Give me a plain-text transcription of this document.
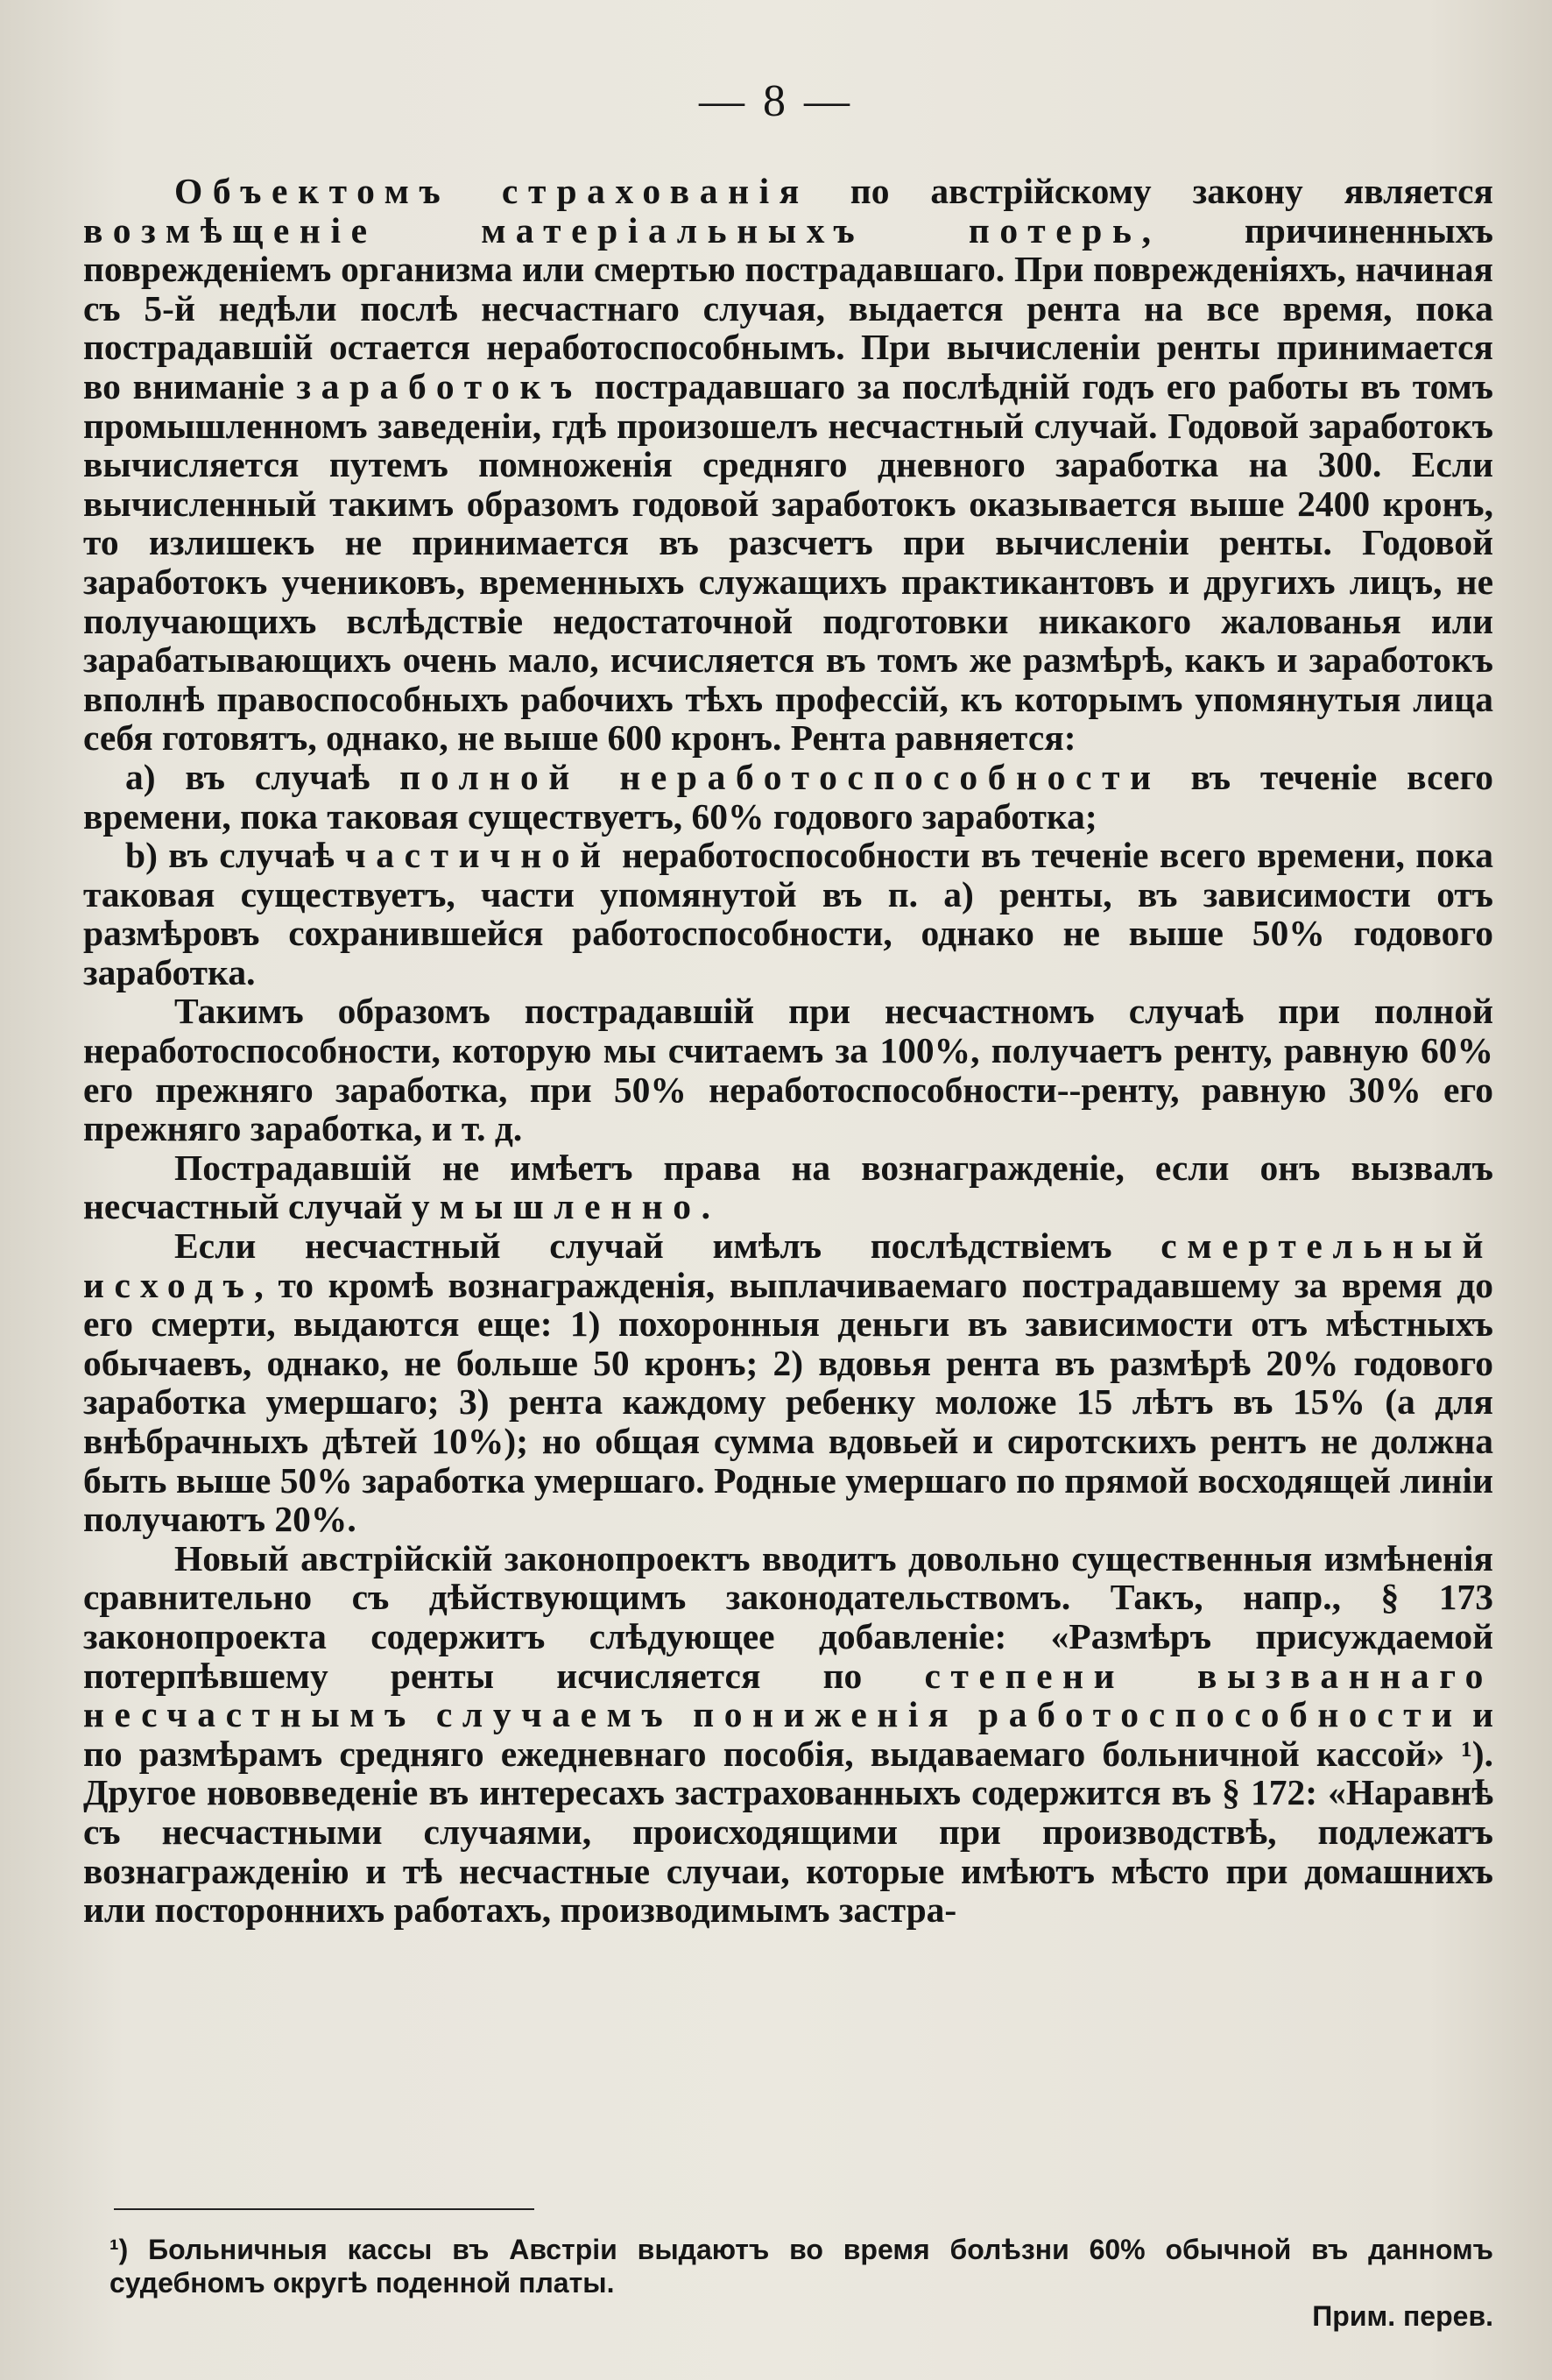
— 8 —

Объектомъ страхованія по австрійскому закону является возмѣщеніе матеріальныхъ потерь, причиненныхъ поврежденіемъ организма или смертью пострадавшаго. При поврежденіяхъ, начиная съ 5-й недѣли послѣ несчастнаго случая, выдается рента на все время, пока пострадавшій остается неработоспособнымъ. При вычисленіи ренты принимается во вниманіе заработокъ пострадавшаго за послѣдній годъ его работы въ томъ промышленномъ заведеніи, гдѣ произошелъ несчастный случай. Годовой заработокъ вычисляется путемъ помноженія средняго дневного заработка на 300. Если вычисленный такимъ образомъ годовой заработокъ оказывается выше 2400 кронъ, то излишекъ не принимается въ разсчетъ при вычисленіи ренты. Годовой заработокъ учениковъ, временныхъ служащихъ практикантовъ и другихъ лицъ, не получающихъ вслѣдствіе недостаточной подготовки никакого жалованья или зарабатывающихъ очень мало, исчисляется въ томъ же размѣрѣ, какъ и заработокъ вполнѣ правоспособныхъ рабочихъ тѣхъ профессій, къ которымъ упомянутыя лица себя готовятъ, однако, не выше 600 кронъ. Рента равняется:

а) въ случаѣ полной неработоспособности въ теченіе всего времени, пока таковая существуетъ, 60% годового заработка;

b) въ случаѣ частичной неработоспособности въ теченіе всего времени, пока таковая существуетъ, части упомянутой въ п. а) ренты, въ зависимости отъ размѣровъ сохранившейся работоспособности, однако не выше 50% годового заработка.

Такимъ образомъ пострадавшій при несчастномъ случаѣ при полной неработоспособности, которую мы считаемъ за 100%, получаетъ ренту, равную 60% его прежняго заработка, при 50% неработоспособности--ренту, равную 30% его прежняго заработка, и т. д.

Пострадавшій не имѣетъ права на вознагражденіе, если онъ вызвалъ несчастный случай умышленно.

Если несчастный случай имѣлъ послѣдствіемъ смертельный исходъ, то кромѣ вознагражденія, выплачиваемаго пострадавшему за время до его смерти, выдаются еще: 1) похоронныя деньги въ зависимости отъ мѣстныхъ обычаевъ, однако, не больше 50 кронъ; 2) вдовья рента въ размѣрѣ 20% годового заработка умершаго; 3) рента каждому ребенку моложе 15 лѣтъ въ 15% (а для внѣбрачныхъ дѣтей 10%); но общая сумма вдовьей и сиротскихъ рентъ не должна быть выше 50% заработка умершаго. Родные умершаго по прямой восходящей линіи получаютъ 20%.

Новый австрійскій законопроектъ вводитъ довольно существенныя измѣненія сравнительно съ дѣйствующимъ законодательствомъ. Такъ, напр., § 173 законопроекта содержитъ слѣдующее добавленіе: «Размѣръ присуждаемой потерпѣвшему ренты исчисляется по степени вызваннаго несчастнымъ случаемъ пониженія работоспособности и по размѣрамъ средняго ежедневнаго пособія, выдаваемаго больничной кассой» ¹). Другое нововведеніе въ интересахъ застрахованныхъ содержится въ § 172: «Наравнѣ съ несчастными случаями, происходящими при производствѣ, подлежатъ вознагражденію и тѣ несчастные случаи, которые имѣютъ мѣсто при домашнихъ или постороннихъ работахъ, производимымъ застра-

¹) Больничныя кассы въ Австріи выдаютъ во время болѣзни 60% обычной въ данномъ судебномъ округѣ поденной платы.
Прим. перев.
